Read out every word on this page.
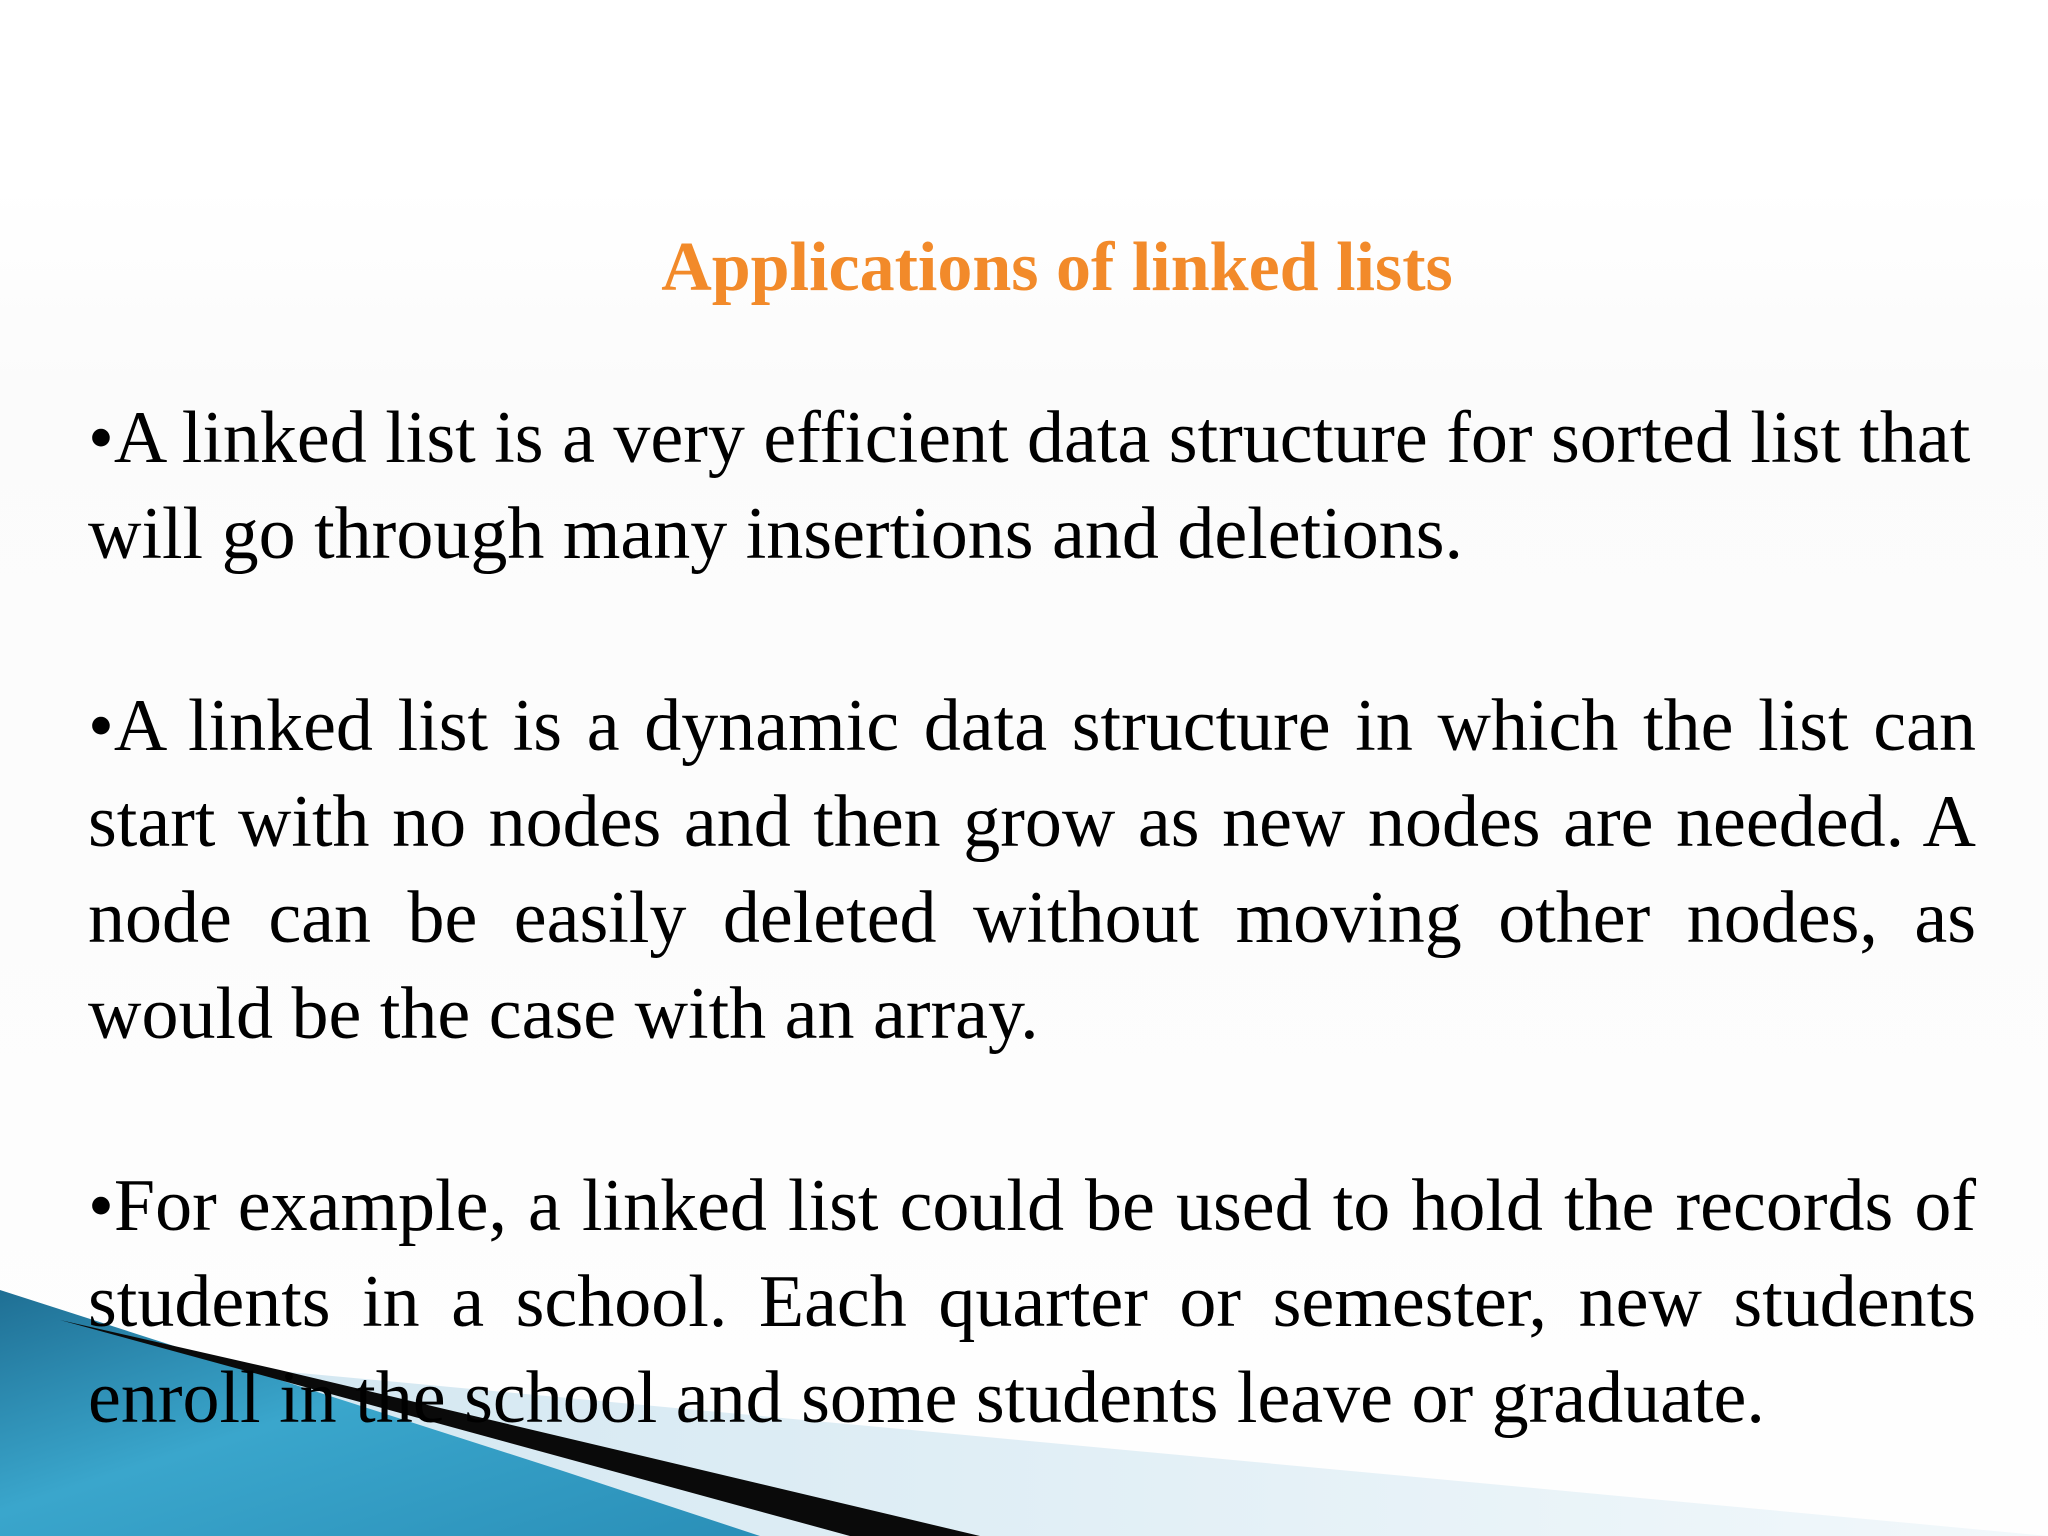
Applications of linked lists

•A linked list is a very efficient data structure for sorted list that will go through many insertions and deletions.

•A linked list is a dynamic data structure in which the list can start with no nodes and then grow as new nodes are needed. A node can be easily deleted without moving other nodes, as would be the case with an array.

•For example, a linked list could be used to hold the records of students in a school. Each quarter or semester, new students enroll in the school and some students leave or graduate.
